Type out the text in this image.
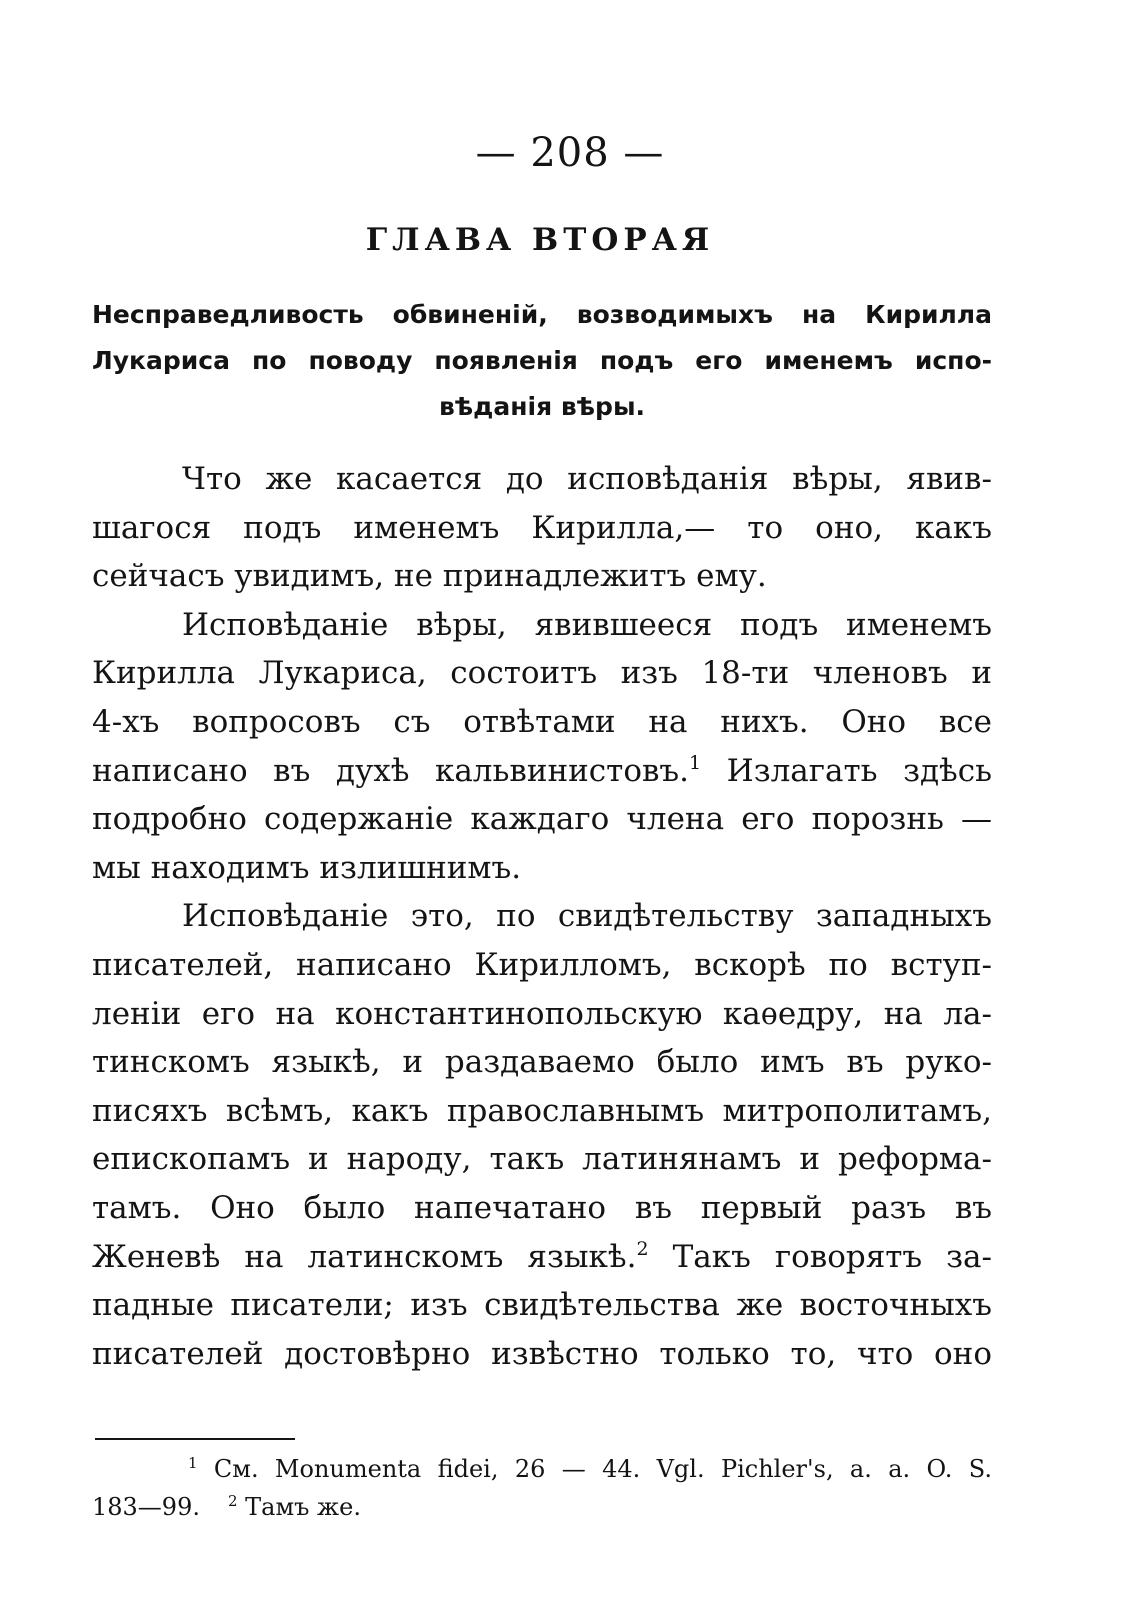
— 208 —
ГЛАВА ВТОРАЯ
Несправедливость обвиненій, возводимыхъ на Кирилла
Лукариса по поводу появленія подъ его именемъ испо-
вѣданія вѣры.
Что же касается до исповѣданія вѣры, явив-
шагося подъ именемъ Кирилла,— то оно, какъ
сейчасъ увидимъ, не принадлежитъ ему.
Исповѣданіе вѣры, явившееся подъ именемъ
Кирилла Лукариса, состоитъ изъ 18-ти членовъ и
4-хъ вопросовъ съ отвѣтами на нихъ. Оно все
написано въ духѣ кальвинистовъ.$^1$ Излагать здѣсь
подробно содержаніе каждаго члена его порознь —
мы находимъ излишнимъ.
Исповѣданіе это, по свидѣтельству западныхъ
писателей, написано Кирилломъ, вскорѣ по вступ-
леніи его на константинопольскую каѳедру, на ла-
тинскомъ языкѣ, и раздаваемо было имъ въ руко-
писяхъ всѣмъ, какъ православнымъ митрополитамъ,
епископамъ и народу, такъ латинянамъ и реформа-
тамъ. Оно было напечатано въ первый разъ въ
Женевѣ на латинскомъ языкѣ.$^2$ Такъ говорятъ за-
падные писатели; изъ свидѣтельства же восточныхъ
писателей достовѣрно извѣстно только то, что оно
$^1$ См. Monumenta fidei, 26 — 44. Vgl. Pichler's, a. a. O. S.
183—99. $^2$ Тамъ же.
